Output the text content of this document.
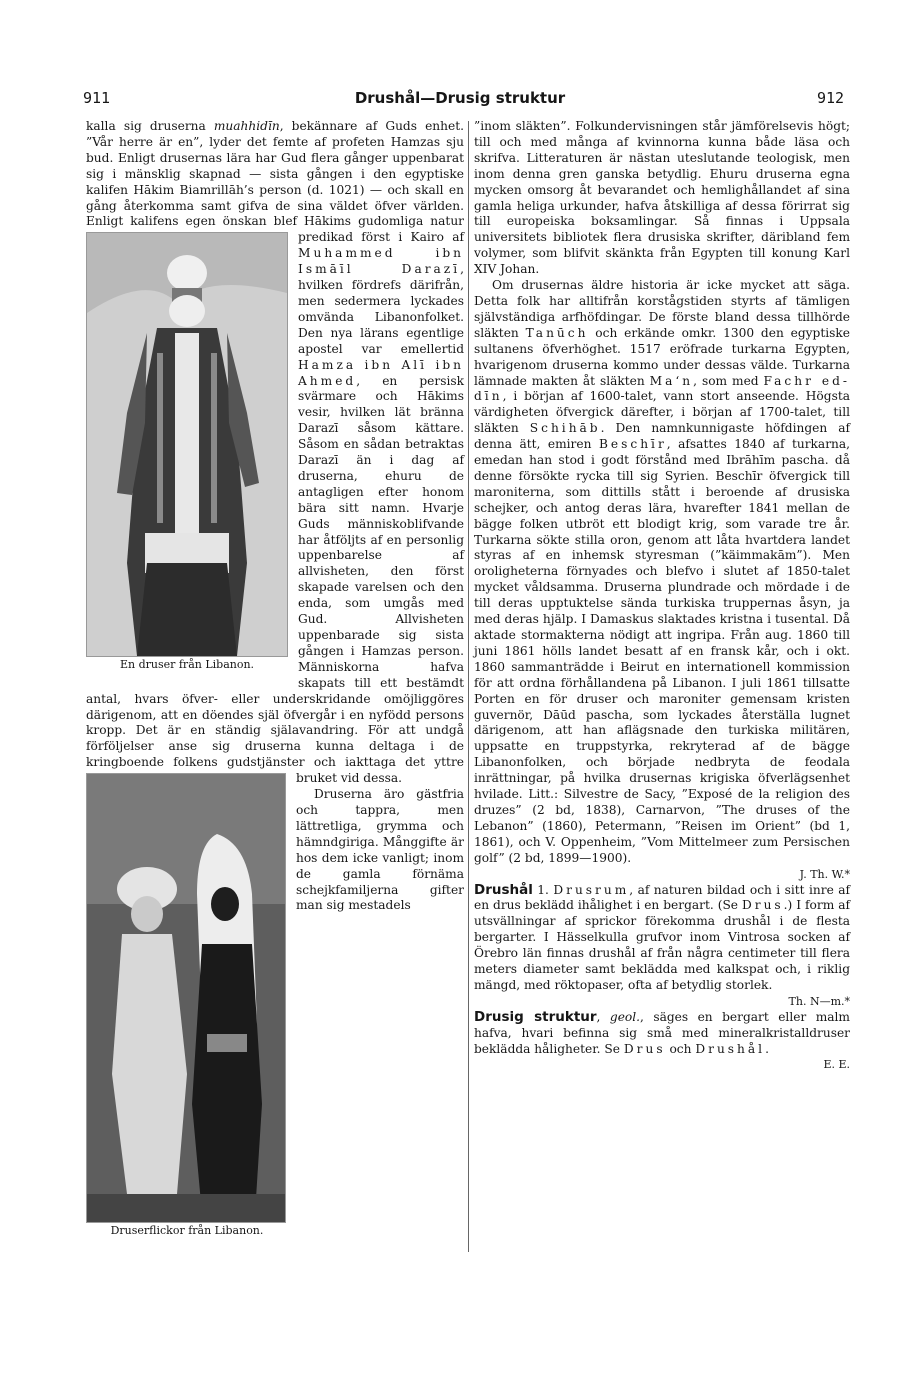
911	Drushål—Drusig struktur	912

kalla sig druserna muahhidīn, bekännare af Guds enhet. ”Vår herre är en”, lyder det femte af profeten Hamzas sju bud. Enligt drusernas lära har Gud flera gånger uppenbarat sig i mänsklig skapnad — sista gången i den egyptiske kalifen Hākim Biamrillāh’s person (d. 1021) — och skall en gång återkomma samt gifva de sina väldet öfver världen. Enligt kalifens egen önskan blef Hākims gudomliga natur predikad först i Kairo af
En druser från Libanon.
Muhammed ibn Ismāīl Darazī, hvilken fördrefs därifrån, men sedermera lyckades omvända Libanonfolket. Den nya lärans egentlige apostel var emellertid Hamza ibn Alī ibn Ahmed, en persisk svärmare och Hākims vesir, hvilken lät bränna Darazī såsom kättare. Såsom en sådan betraktas Darazī än i dag af druserna, ehuru de antagligen efter honom bära sitt namn. Hvarje Guds människoblifvande har åtföljts af en personlig uppenbarelse af allvisheten, den först skapade varelsen och den enda, som umgås med Gud. Allvisheten uppenbarade sig sista gången i Hamzas person. Människorna hafva skapats till ett bestämdt antal, hvars öfver- eller underskridande omöjliggöres därigenom, att en döendes själ öfvergår i en nyfödd persons kropp. Det är en ständig själavandring. För att undgå förföljelser anse sig druserna kunna deltaga i de kringboende folkens gudstjänster och iakttaga det yttre bruket vid dessa.
Druserflickor från Libanon.

Druserna äro gästfria och tappra, men lättretliga, grymma och hämndgiriga. Månggifte är hos dem icke vanligt; inom de gamla förnäma schejkfamiljerna gifter man sig mestadels

”inom släkten”. Folkundervisningen står jämförelsevis högt; till och med många af kvinnorna kunna både läsa och skrifva. Litteraturen är nästan uteslutande teologisk, men inom denna gren ganska betydlig. Ehuru druserna egna mycken omsorg åt bevarandet och hemlighållandet af sina gamla heliga urkunder, hafva åtskilliga af dessa förirrat sig till europeiska boksamlingar. Så finnas i Uppsala universitets bibliotek flera drusiska skrifter, däribland fem volymer, som blifvit skänkta från Egypten till konung Karl XIV Johan.

Om drusernas äldre historia är icke mycket att säga. Detta folk har alltifrån korstågstiden styrts af tämligen självständiga arfhöfdingar. De förste bland dessa tillhörde släkten Tanūch och erkände omkr. 1300 den egyptiske sultanens öfverhöghet. 1517 eröfrade turkarna Egypten, hvarigenom druserna kommo under dessas välde. Turkarna lämnade makten åt släkten Ma‘n, som med Fachr ed-dīn, i början af 1600-talet, vann stort anseende. Högsta värdigheten öfvergick därefter, i början af 1700-talet, till släkten Schihāb. Den namnkunnigaste höfdingen af denna ätt, emiren Beschīr, afsattes 1840 af turkarna, emedan han stod i godt förstånd med Ibrāhīm pascha. då denne försökte rycka till sig Syrien. Beschīr öfvergick till maroniterna, som dittills stått i beroende af drusiska schejker, och antog deras lära, hvarefter 1841 mellan de bägge folken utbröt ett blodigt krig, som varade tre år. Turkarna sökte stilla oron, genom att låta hvartdera landet styras af en inhemsk styresman (”käimmakām”). Men oroligheterna förnyades och blefvo i slutet af 1850-talet mycket våldsamma. Druserna plundrade och mördade i de till deras upptuktelse sända turkiska truppernas åsyn, ja med deras hjälp. I Damaskus slaktades kristna i tusental. Då aktade stormakterna nödigt att ingripa. Från aug. 1860 till juni 1861 hölls landet besatt af en fransk kår, och i okt. 1860 sammanträdde i Beirut en internationell kommission för att ordna förhållandena på Libanon. I juli 1861 tillsatte Porten en för druser och maroniter gemensam kristen guvernör, Dāūd pascha, som lyckades återställa lugnet därigenom, att han aflägsnade den turkiska militären, uppsatte en truppstyrka, rekryterad af de bägge Libanonfolken, och började nedbryta de feodala inrättningar, på hvilka drusernas krigiska öfverlägsenhet hvilade. Litt.: Silvestre de Sacy, ”Exposé de la religion des druzes” (2 bd, 1838), Carnarvon, ”The druses of the Lebanon” (1860), Petermann, ”Reisen im Orient” (bd 1, 1861), och V. Oppenheim, ”Vom Mittelmeer zum Persischen golf” (2 bd, 1899—1900).

J. Th. W.*

Drushål 1. Drusrum, af naturen bildad och i sitt inre af en drus beklädd ihålighet i en bergart. (Se Drus.) I form af utsvällningar af sprickor förekomma drushål i de flesta bergarter. I Hässelkulla grufvor inom Vintrosa socken af Örebro län finnas drushål af från några centimeter till flera meters diameter samt beklädda med kalkspat och, i riklig mängd, med röktopaser, ofta af betydlig storlek.

Th. N—m.*

Drusig struktur, geol., säges en bergart eller malm hafva, hvari befinna sig små med mineralkristalldruser beklädda håligheter. Se Drus och Drushål.

E. E.
